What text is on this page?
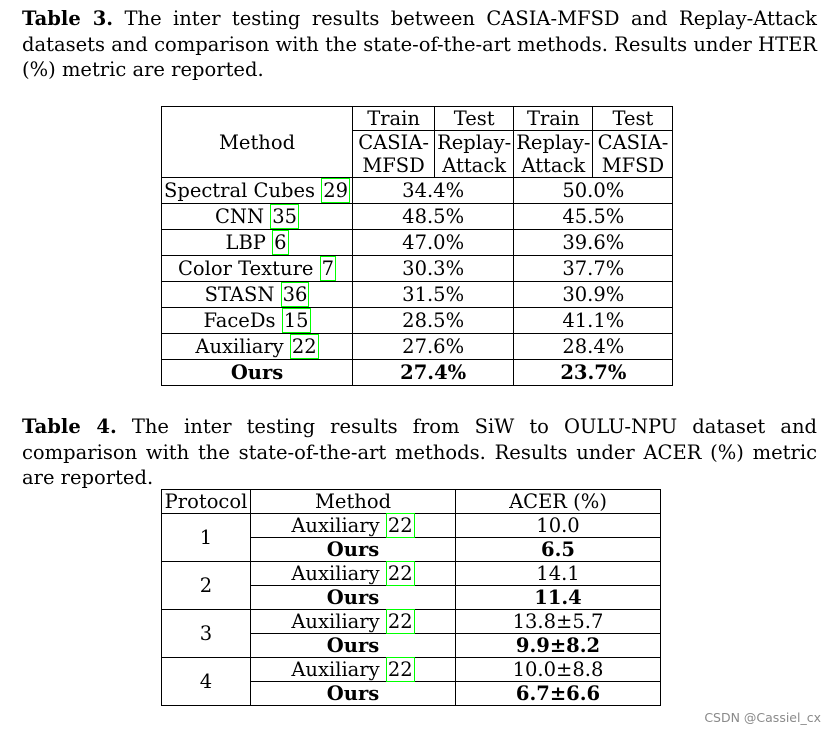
Table 3. The inter testing results between CASIA-MFSD and Replay-Attack datasets and comparison with the state-of-the-art methods. Results under HTER (%) metric are reported.
Method	Train	Test	Train	Test
	CASIA-	Replay-	Replay-	CASIA-
	MFSD	Attack	Attack	MFSD
Spectral Cubes 29	34.4%		50.0%	
CNN 35	48.5%		45.5%	
LBP 6	47.0%		39.6%	
Color Texture 7	30.3%		37.7%	
STASN 36	31.5%		30.9%	
FaceDs 15	28.5%		41.1%	
Auxiliary 22	27.6%		28.4%	
Ours	27.4%		23.7%	
Table 4. The inter testing results from SiW to OULU-NPU dataset and comparison with the state-of-the-art methods. Results under ACER (%) metric are reported.
Protocol	Method	ACER (%)
1	Auxiliary 22	10.0
	Ours	6.5
2	Auxiliary 22	14.1
	Ours	11.4
3	Auxiliary 22	13.8±5.7
	Ours	9.9±8.2
4	Auxiliary 22	10.0±8.8
	Ours	6.7±6.6
CSDN @Cassiel_cx
